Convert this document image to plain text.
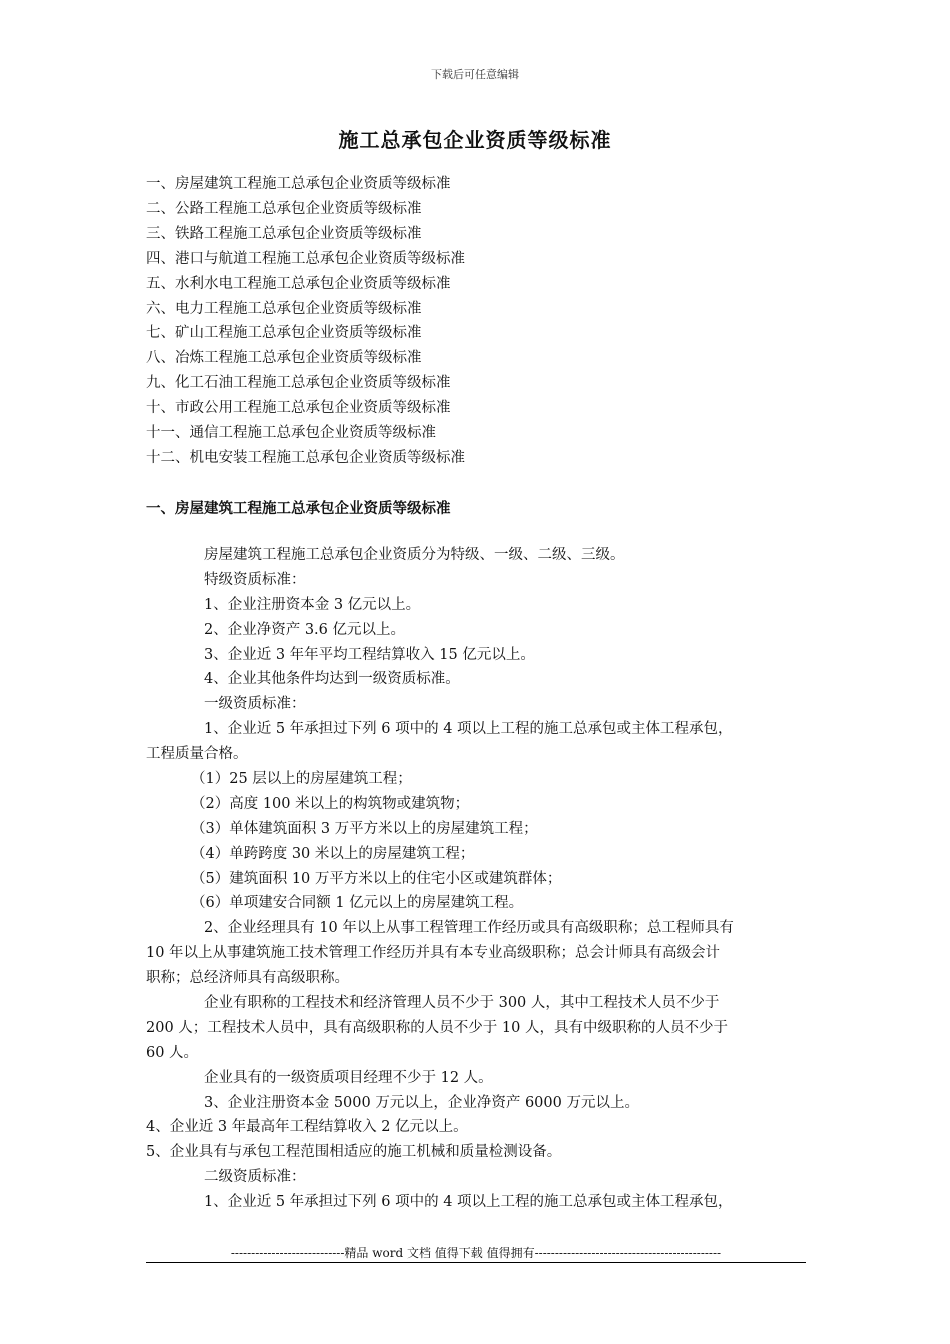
下载后可任意编辑
施工总承包企业资质等级标准
一、房屋建筑工程施工总承包企业资质等级标准
二、公路工程施工总承包企业资质等级标准
三、铁路工程施工总承包企业资质等级标准
四、港口与航道工程施工总承包企业资质等级标准
五、水利水电工程施工总承包企业资质等级标准
六、电力工程施工总承包企业资质等级标准
七、矿山工程施工总承包企业资质等级标准
八、冶炼工程施工总承包企业资质等级标准
九、化工石油工程施工总承包企业资质等级标准
十、市政公用工程施工总承包企业资质等级标准
十一、通信工程施工总承包企业资质等级标准
十二、机电安装工程施工总承包企业资质等级标准
一、房屋建筑工程施工总承包企业资质等级标准
房屋建筑工程施工总承包企业资质分为特级、一级、二级、三级。
特级资质标准：
1、企业注册资本金 3 亿元以上。
2、企业净资产 3.6 亿元以上。
3、企业近 3 年年平均工程结算收入 15 亿元以上。
4、企业其他条件均达到一级资质标准。
一级资质标准：
1、企业近 5 年承担过下列 6 项中的 4 项以上工程的施工总承包或主体工程承包，
工程质量合格。
（1）25 层以上的房屋建筑工程；
（2）高度 100 米以上的构筑物或建筑物；
（3）单体建筑面积 3 万平方米以上的房屋建筑工程；
（4）单跨跨度 30 米以上的房屋建筑工程；
（5）建筑面积 10 万平方米以上的住宅小区或建筑群体；
（6）单项建安合同额 1 亿元以上的房屋建筑工程。
2、企业经理具有 10 年以上从事工程管理工作经历或具有高级职称；总工程师具有
10 年以上从事建筑施工技术管理工作经历并具有本专业高级职称；总会计师具有高级会计
职称；总经济师具有高级职称。
企业有职称的工程技术和经济管理人员不少于 300 人，其中工程技术人员不少于
200 人；工程技术人员中，具有高级职称的人员不少于 10 人，具有中级职称的人员不少于
60 人。
企业具有的一级资质项目经理不少于 12 人。
3、企业注册资本金 5000 万元以上，企业净资产 6000 万元以上。
4、企业近 3 年最高年工程结算收入 2 亿元以上。
5、企业具有与承包工程范围相适应的施工机械和质量检测设备。
二级资质标准：
1、企业近 5 年承担过下列 6 项中的 4 项以上工程的施工总承包或主体工程承包，
----------------------------精品 word 文档 值得下载 值得拥有----------------------------------------------
